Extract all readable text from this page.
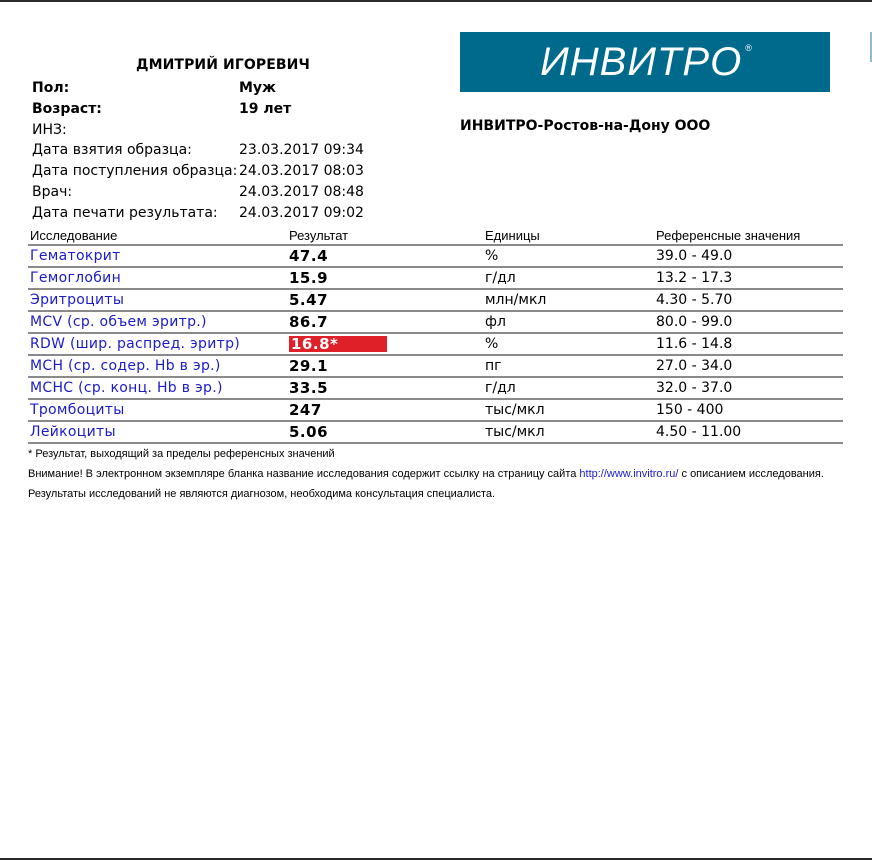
ДМИТРИЙ ИГОРЕВИЧ
Пол:	Муж
Возраст:	19 лет
ИНЗ:
Дата взятия образца:	23.03.2017 09:34
Дата поступления образца: 24.03.2017 08:03
Врач:	24.03.2017 08:48
Дата печати результата: 24.03.2017 09:02
ИНВИТРО ®
ИНВИТРО-Ростов-на-Дону ООО
Исследование	Результат	Единицы	Референсные значения
Гематокрит	47.4	%	39.0 - 49.0
Гемоглобин	15.9	г/дл	13.2 - 17.3
Эритроциты	5.47	млн/мкл	4.30 - 5.70
MCV (ср. объем эритр.)	86.7	фл	80.0 - 99.0
RDW (шир. распред. эритр)	16.8*	%	11.6 - 14.8
MCH (ср. содер. Hb в эр.)	29.1	пг	27.0 - 34.0
MCHC (ср. конц. Hb в эр.)	33.5	г/дл	32.0 - 37.0
Тромбоциты	247	тыс/мкл	150 - 400
Лейкоциты	5.06	тыс/мкл	4.50 - 11.00

* Результат, выходящий за пределы референсных значений

Внимание! В электронном экземпляре бланка название исследования содержит ссылку на страницу сайта http://www.invitro.ru/ с описанием исследования.

Результаты исследований не являются диагнозом, необходима консультация специалиста.
